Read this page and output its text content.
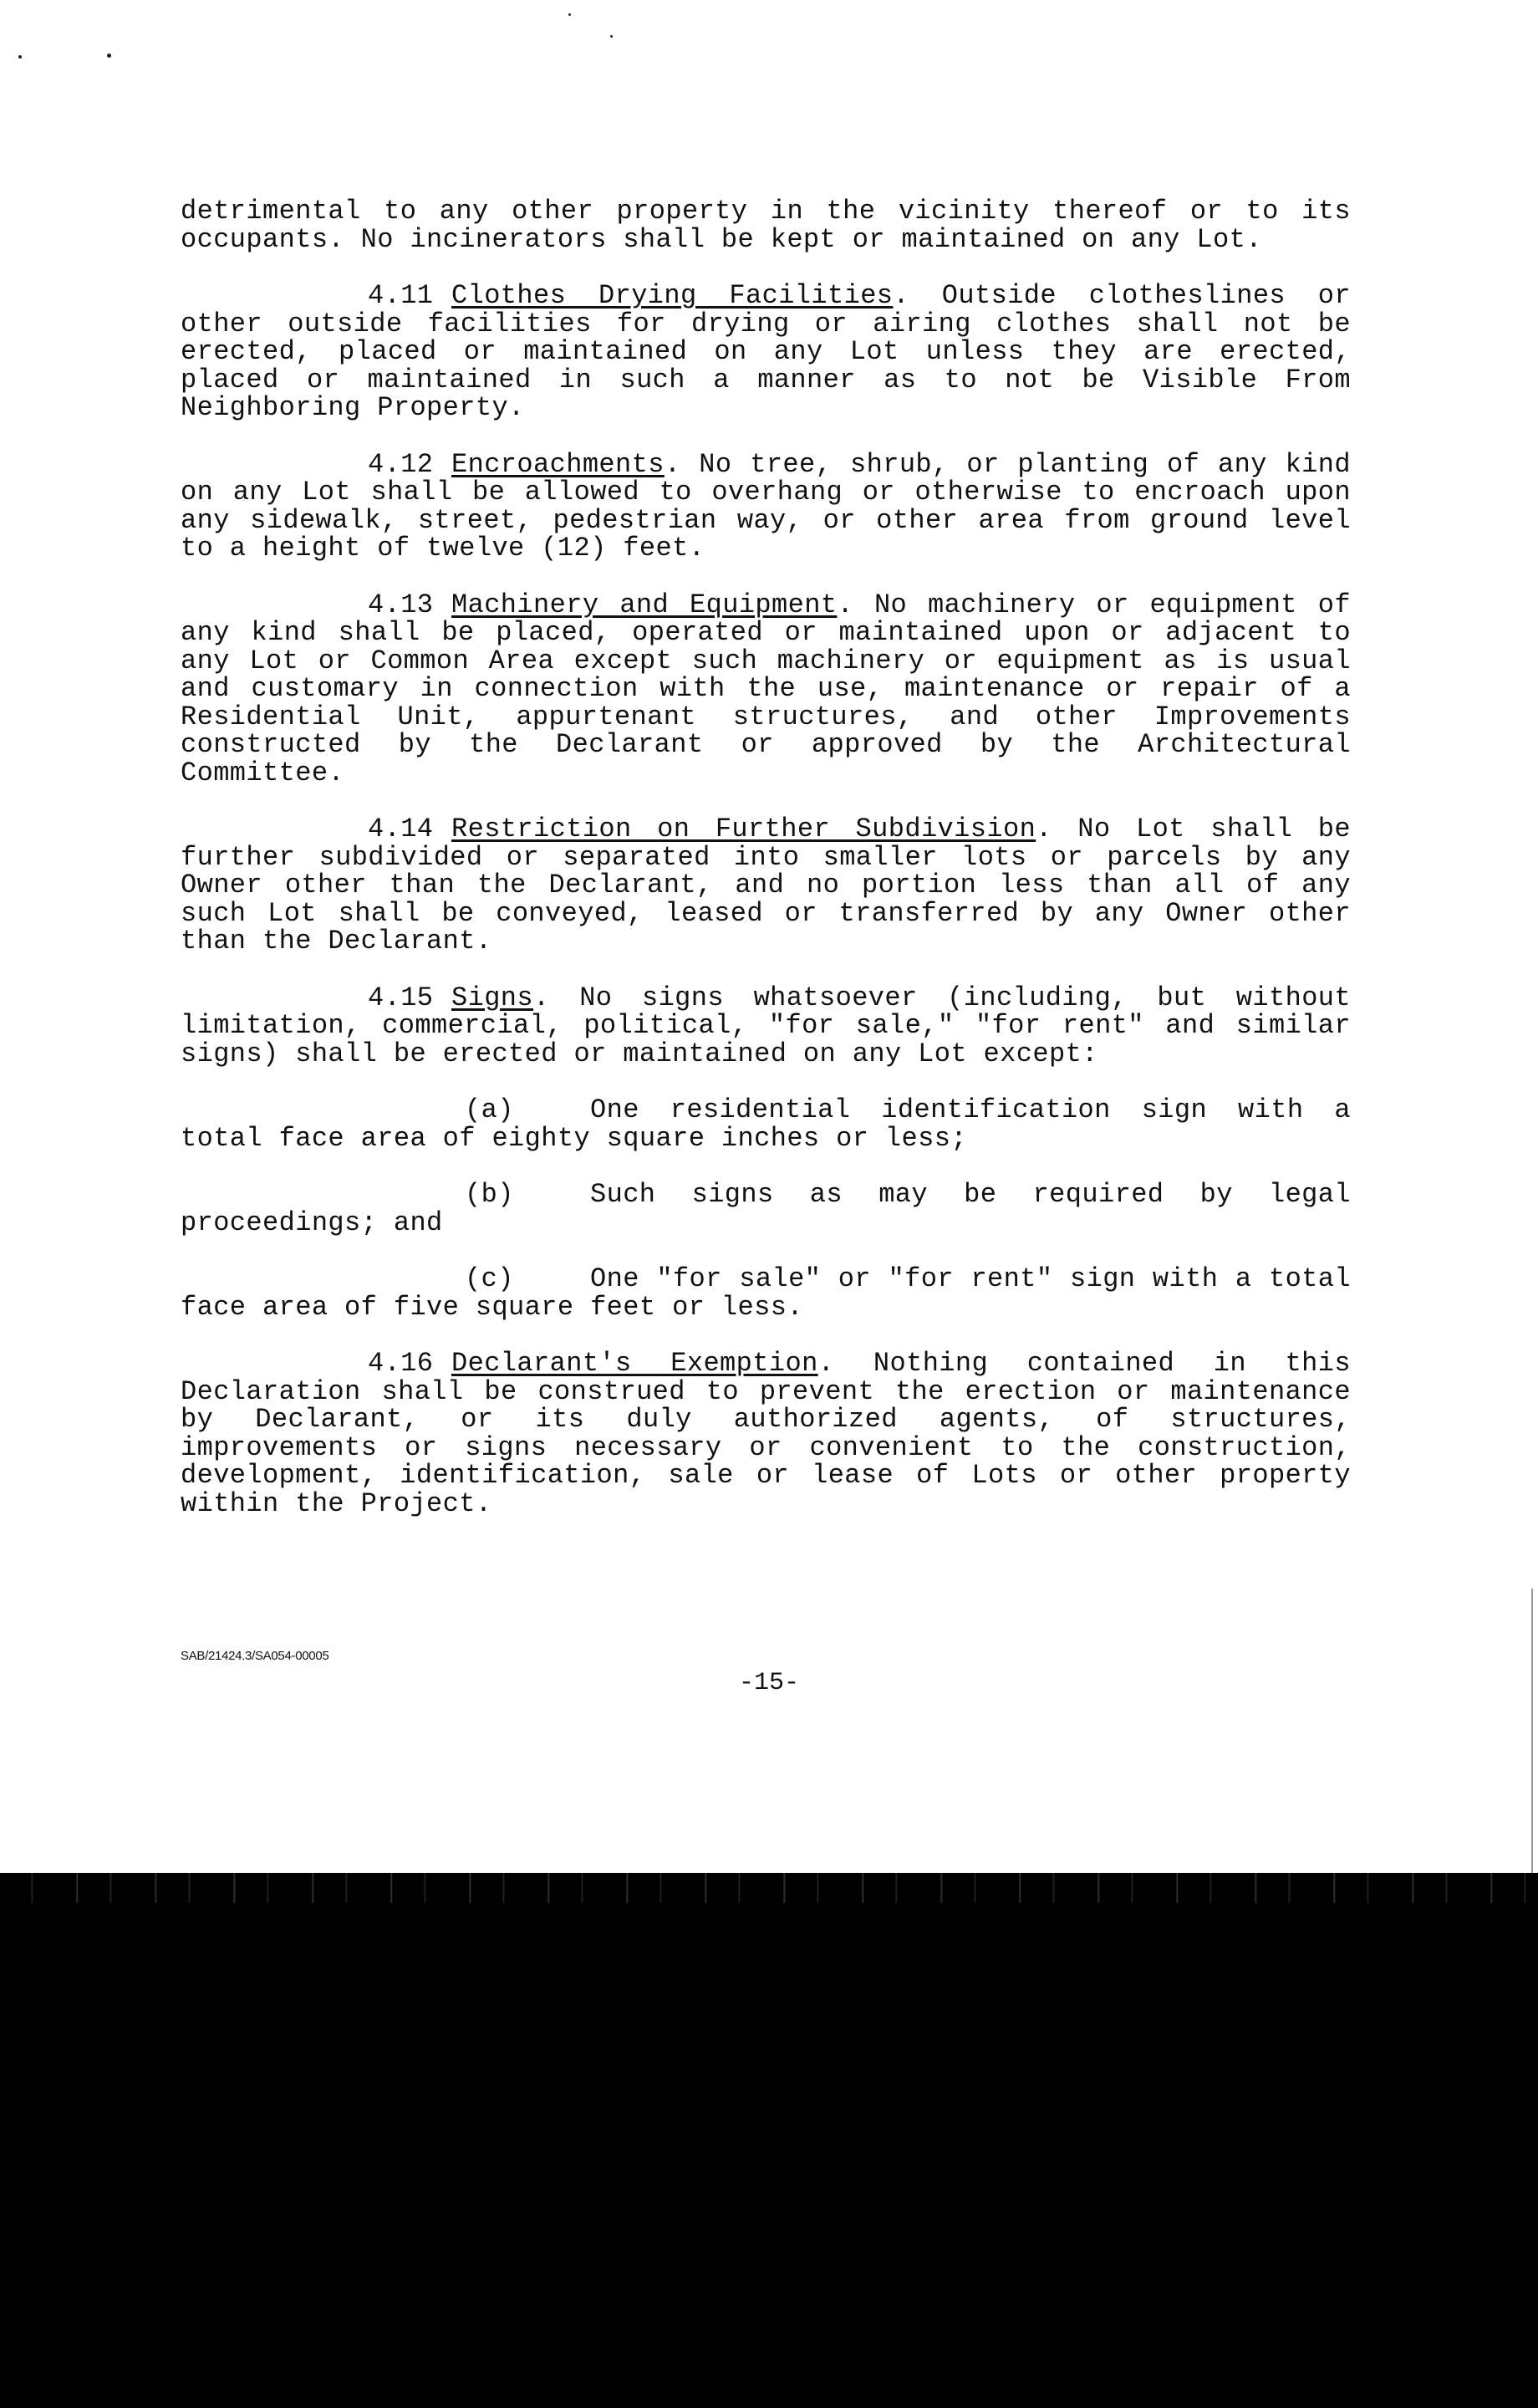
detrimental to any other property in the vicinity thereof or to its occupants. No incinerators shall be kept or maintained on any Lot.

4.11 Clothes Drying Facilities. Outside clotheslines or other outside facilities for drying or airing clothes shall not be erected, placed or maintained on any Lot unless they are erected, placed or maintained in such a manner as to not be Visible From Neighboring Property.

4.12 Encroachments. No tree, shrub, or planting of any kind on any Lot shall be allowed to overhang or otherwise to encroach upon any sidewalk, street, pedestrian way, or other area from ground level to a height of twelve (12) feet.

4.13 Machinery and Equipment. No machinery or equipment of any kind shall be placed, operated or maintained upon or adjacent to any Lot or Common Area except such machinery or equipment as is usual and customary in connection with the use, maintenance or repair of a Residential Unit, appurtenant structures, and other Improvements constructed by the Declarant or approved by the Architectural Committee.

4.14 Restriction on Further Subdivision. No Lot shall be further subdivided or separated into smaller lots or parcels by any Owner other than the Declarant, and no portion less than all of any such Lot shall be conveyed, leased or transferred by any Owner other than the Declarant.

4.15 Signs. No signs whatsoever (including, but without limitation, commercial, political, "for sale," "for rent" and similar signs) shall be erected or maintained on any Lot except:

(a)	One residential identification sign with a total face area of eighty square inches or less;

(b)	Such signs as may be required by legal proceedings; and

(c)	One "for sale" or "for rent" sign with a total face area of five square feet or less.

4.16 Declarant's Exemption. Nothing contained in this Declaration shall be construed to prevent the erection or maintenance by Declarant, or its duly authorized agents, of structures, improvements or signs necessary or convenient to the construction, development, identification, sale or lease of Lots or other property within the Project.

SAB/21424.3/SA054-00005
-15-
